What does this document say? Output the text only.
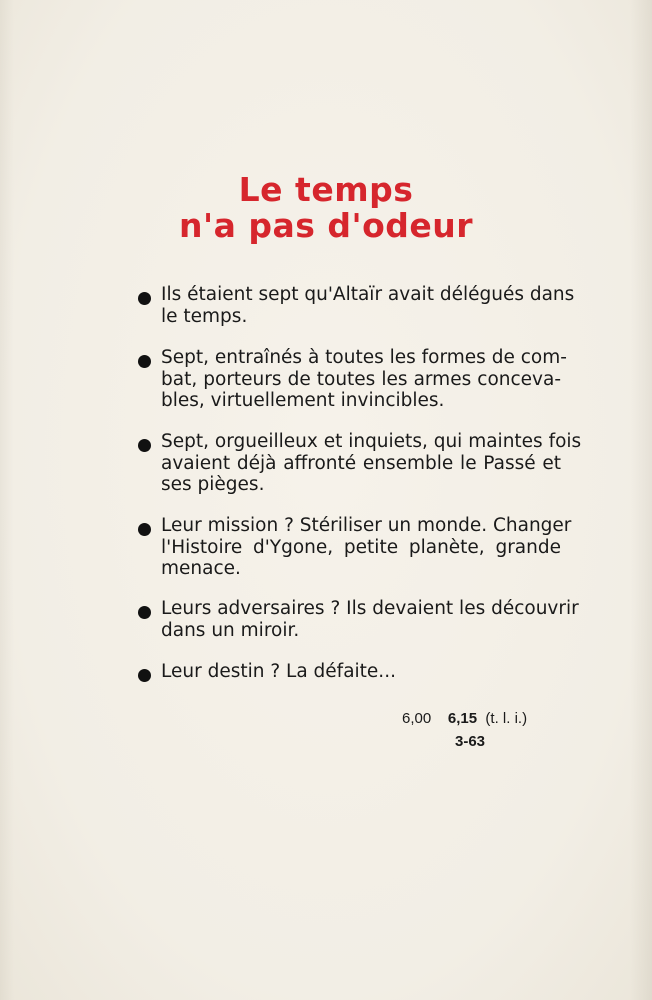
Le temps
n'a pas d'odeur
Ils étaient sept qu'Altaïr avait délégués dans
le temps.
Sept, entraînés à toutes les formes de com-
bat, porteurs de toutes les armes conceva-
bles, virtuellement invincibles.
Sept, orgueilleux et inquiets, qui maintes fois
avaient déjà affronté ensemble le Passé et
ses pièges.
Leur mission ? Stériliser un monde. Changer
l'Histoire d'Ygone, petite planète, grande
menace.
Leurs adversaires ? Ils devaient les découvrir
dans un miroir.
Leur destin ? La défaite...
6,00 6,15 (t. l. i.)
3-63
